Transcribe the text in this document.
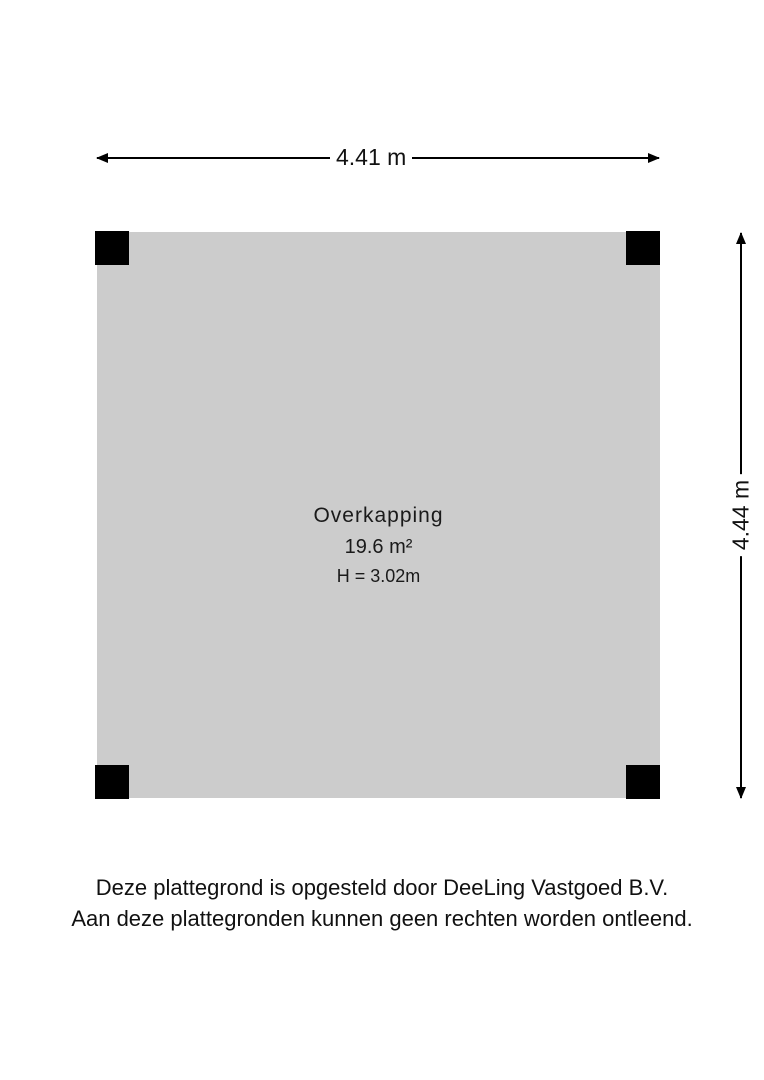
Overkapping
19.6 m²
H = 3.02m
4.41 m
4.44 m
Deze plattegrond is opgesteld door DeeLing Vastgoed B.V.
Aan deze plattegronden kunnen geen rechten worden ontleend.
